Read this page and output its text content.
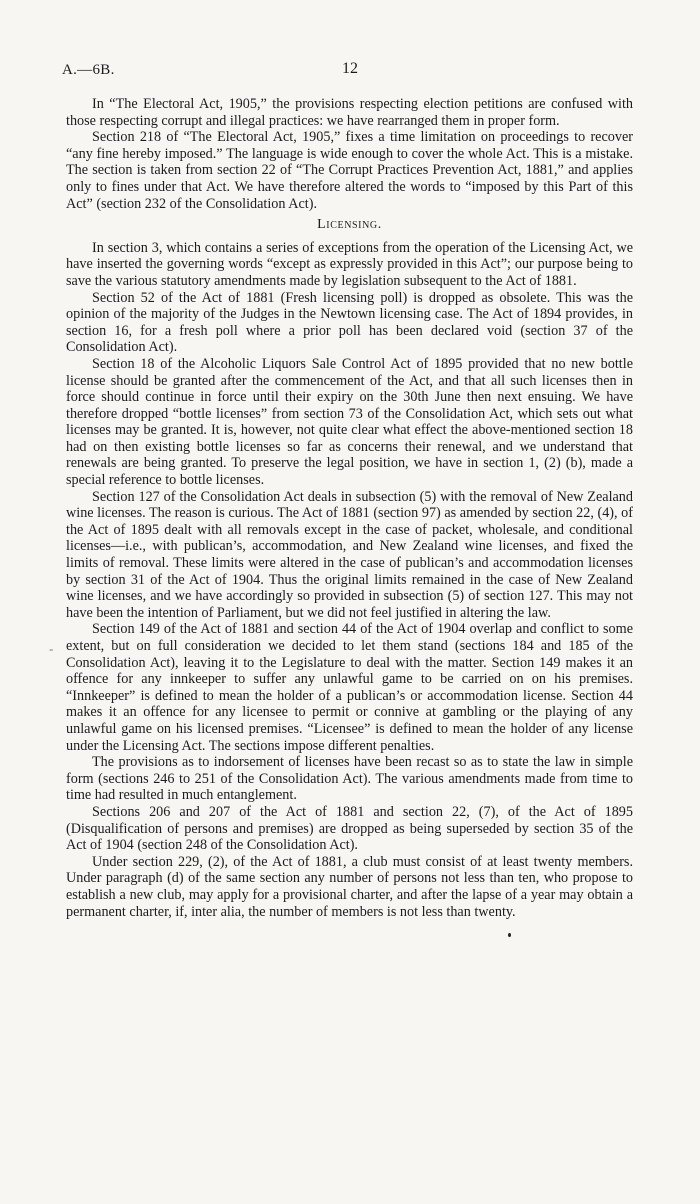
A.—6B.	12

In “The Electoral Act, 1905,” the provisions respecting election petitions are confused with those respecting corrupt and illegal practices: we have rearranged them in proper form.

Section 218 of “The Electoral Act, 1905,” fixes a time limitation on proceedings to recover “any fine hereby imposed.” The language is wide enough to cover the whole Act. This is a mistake. The section is taken from section 22 of “The Corrupt Practices Prevention Act, 1881,” and applies only to fines under that Act. We have therefore altered the words to “imposed by this Part of this Act” (section 232 of the Consolidation Act).

Licensing.

In section 3, which contains a series of exceptions from the operation of the Licensing Act, we have inserted the governing words “except as expressly provided in this Act”; our purpose being to save the various statutory amendments made by legislation subsequent to the Act of 1881.

Section 52 of the Act of 1881 (Fresh licensing poll) is dropped as obsolete. This was the opinion of the majority of the Judges in the Newtown licensing case. The Act of 1894 provides, in section 16, for a fresh poll where a prior poll has been declared void (section 37 of the Consolidation Act).

Section 18 of the Alcoholic Liquors Sale Control Act of 1895 provided that no new bottle license should be granted after the commencement of the Act, and that all such licenses then in force should continue in force until their expiry on the 30th June then next ensuing. We have therefore dropped “bottle licenses” from section 73 of the Consolidation Act, which sets out what licenses may be granted. It is, however, not quite clear what effect the above-mentioned section 18 had on then existing bottle licenses so far as concerns their renewal, and we understand that renewals are being granted. To preserve the legal position, we have in section 1, (2) (b), made a special reference to bottle licenses.

Section 127 of the Consolidation Act deals in subsection (5) with the removal of New Zealand wine licenses. The reason is curious. The Act of 1881 (section 97) as amended by section 22, (4), of the Act of 1895 dealt with all removals except in the case of packet, wholesale, and conditional licenses—i.e., with publican’s, accommodation, and New Zealand wine licenses, and fixed the limits of removal. These limits were altered in the case of publican’s and accommodation licenses by section 31 of the Act of 1904. Thus the original limits remained in the case of New Zealand wine licenses, and we have accordingly so provided in subsection (5) of section 127. This may not have been the intention of Parliament, but we did not feel justified in altering the law.

Section 149 of the Act of 1881 and section 44 of the Act of 1904 overlap and conflict to some extent, but on full consideration we decided to let them stand (sections 184 and 185 of the Consolidation Act), leaving it to the Legislature to deal with the matter. Section 149 makes it an offence for any innkeeper to suffer any unlawful game to be carried on on his premises. “Innkeeper” is defined to mean the holder of a publican’s or accommodation license. Section 44 makes it an offence for any licensee to permit or connive at gambling or the playing of any unlawful game on his licensed premises. “Licensee” is defined to mean the holder of any license under the Licensing Act. The sections impose different penalties.

The provisions as to indorsement of licenses have been recast so as to state the law in simple form (sections 246 to 251 of the Consolidation Act). The various amendments made from time to time had resulted in much entanglement.

Sections 206 and 207 of the Act of 1881 and section 22, (7), of the Act of 1895 (Disqualification of persons and premises) are dropped as being superseded by section 35 of the Act of 1904 (section 248 of the Consolidation Act).

Under section 229, (2), of the Act of 1881, a club must consist of at least twenty members. Under paragraph (d) of the same section any number of persons not less than ten, who propose to establish a new club, may apply for a provisional charter, and after the lapse of a year may obtain a permanent charter, if, inter alia, the number of members is not less than twenty.

-
